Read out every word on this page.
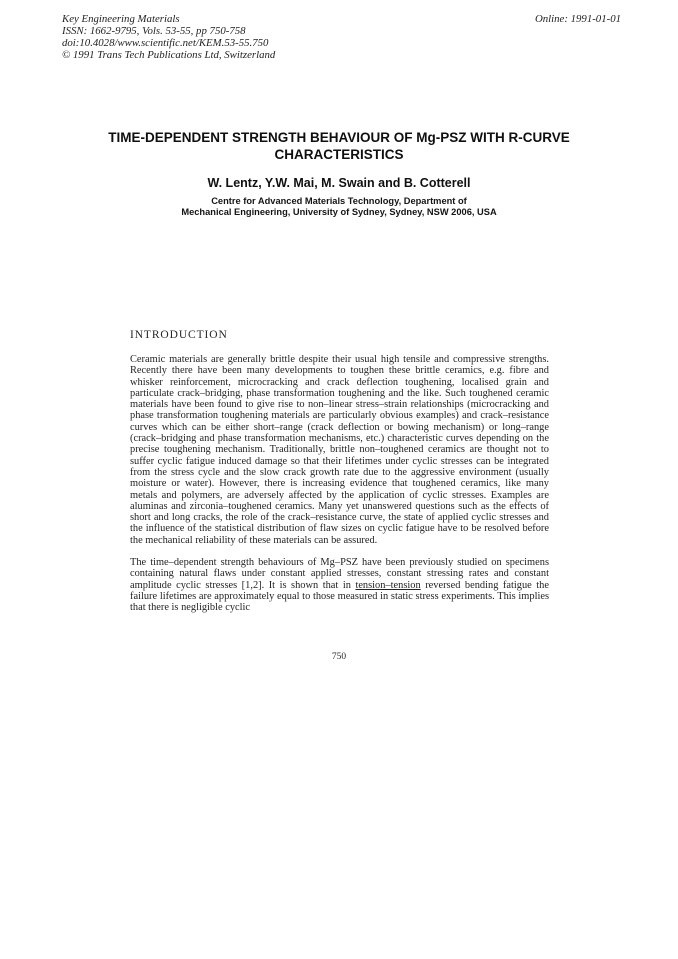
Key Engineering Materials
ISSN: 1662-9795, Vols. 53-55, pp 750-758
doi:10.4028/www.scientific.net/KEM.53-55.750
© 1991 Trans Tech Publications Ltd, Switzerland
Online: 1991-01-01
TIME-DEPENDENT STRENGTH BEHAVIOUR OF Mg-PSZ WITH R-CURVE CHARACTERISTICS
W. Lentz, Y.W. Mai, M. Swain and B. Cotterell
Centre for Advanced Materials Technology, Department of
Mechanical Engineering, University of Sydney, Sydney, NSW 2006, USA
INTRODUCTION

Ceramic materials are generally brittle despite their usual high tensile and compressive strengths. Recently there have been many developments to toughen these brittle ceramics, e.g. fibre and whisker reinforcement, microcracking and crack deflection toughening, localised grain and particulate crack–bridging, phase transformation toughening and the like. Such toughened ceramic materials have been found to give rise to non–linear stress–strain relationships (microcracking and phase transformation toughening materials are particularly obvious examples) and crack–resistance curves which can be either short–range (crack deflection or bowing mechanism) or long–range (crack–bridging and phase transformation mechanisms, etc.) characteristic curves depending on the precise toughening mechanism. Traditionally, brittle non–toughened ceramics are thought not to suffer cyclic fatigue induced damage so that their lifetimes under cyclic stresses can be integrated from the stress cycle and the slow crack growth rate due to the aggressive environment (usually moisture or water). However, there is increasing evidence that toughened ceramics, like many metals and polymers, are adversely affected by the application of cyclic stresses. Examples are aluminas and zirconia–toughened ceramics. Many yet unanswered questions such as the effects of short and long cracks, the role of the crack–resistance curve, the state of applied cyclic stresses and the influence of the statistical distribution of flaw sizes on cyclic fatigue have to be resolved before the mechanical reliability of these materials can be assured.

The time–dependent strength behaviours of Mg–PSZ have been previously studied on specimens containing natural flaws under constant applied stresses, constant stressing rates and constant amplitude cyclic stresses [1,2]. It is shown that in tension–tension reversed bending fatigue the failure lifetimes are approximately equal to those measured in static stress experiments. This implies that there is negligible cyclic

750
